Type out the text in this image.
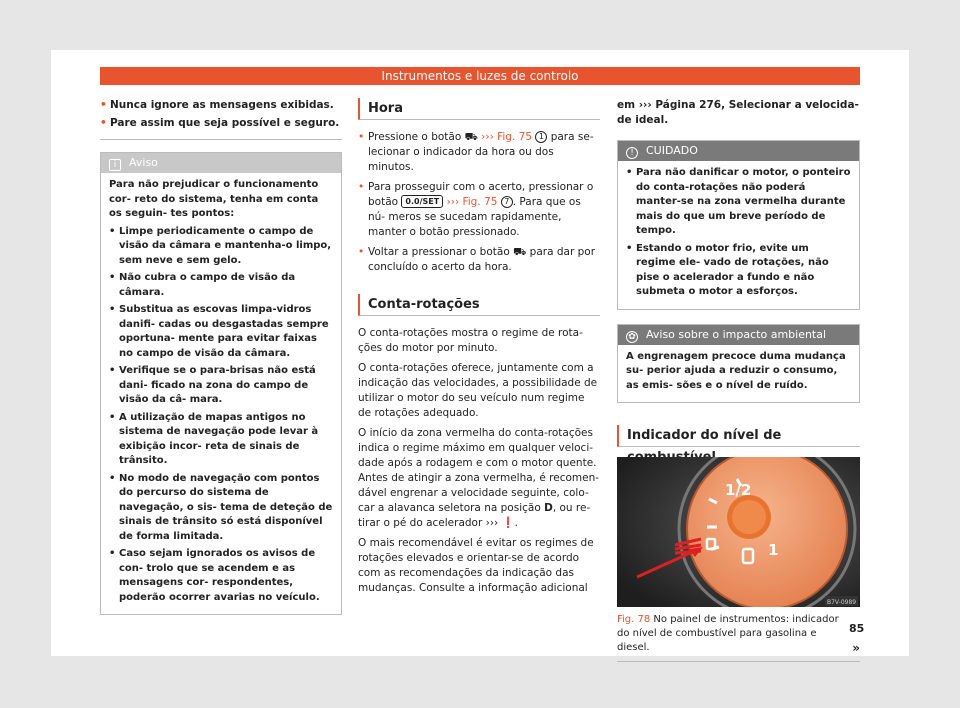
Instrumentos e luzes de controlo
• Nunca ignore as mensagens exibidas.
• Pare assim que seja possível e seguro.
i Aviso

Para não prejudicar o funcionamento cor- reto do sistema, tenha em conta os seguin- tes pontos:

• Limpe periodicamente o campo de visão da câmara e mantenha-o limpo, sem neve e sem gelo.
• Não cubra o campo de visão da câmara.
• Substitua as escovas limpa-vidros danifi- cadas ou desgastadas sempre oportuna- mente para evitar faixas no campo de visão da câmara.
• Verifique se o para-brisas não está dani- ficado na zona do campo de visão da câ- mara.
• A utilização de mapas antigos no sistema de navegação pode levar à exibição incor- reta de sinais de trânsito.
• No modo de navegação com pontos do percurso do sistema de navegação, o sis- tema de deteção de sinais de trânsito só está disponível de forma limitada.
• Caso sejam ignorados os avisos de con- trolo que se acendem e as mensagens cor- respondentes, poderão ocorrer avarias no veículo.
Hora
• Pressione o botão ⛟ ››› Fig. 75 1 para se- lecionar o indicador da hora ou dos minutos.
• Para prosseguir com o acerto, pressionar o botão 0.0/SET ››› Fig. 75 7 . Para que os nú- meros se sucedam rapidamente, manter o botão pressionado.
• Voltar a pressionar o botão ⛟ para dar por concluído o acerto da hora.
Conta-rotações

O conta-rotações mostra o regime de rota- ções do motor por minuto.

O conta-rotações oferece, juntamente com a indicação das velocidades, a possibilidade de utilizar o motor do seu veículo num regime de rotações adequado.

O início da zona vermelha do conta-rotações indica o regime máximo em qualquer veloci- dade após a rodagem e com o motor quente. Antes de atingir a zona vermelha, é recomen- dável engrenar a velocidade seguinte, colo- car a alavanca seletora na posição D, ou re- tirar o pé do acelerador ››› ❗.

O mais recomendável é evitar os regimes de rotações elevados e orientar-se de acordo com as recomendações da indicação das mudanças. Consulte a informação adicional

em ››› Página 276, Selecionar a velocida- de ideal.

! CUIDADO
• Para não danificar o motor, o ponteiro do conta-rotações não poderá manter-se na zona vermelha durante mais do que um breve período de tempo.
• Estando o motor frio, evite um regime ele- vado de rotações, não pise o acelerador a fundo e não submeta o motor a esforços.
✿ Aviso sobre o impacto ambiental

A engrenagem precoce duma mudança su- perior ajuda a reduzir o consumo, as emis- sões e o nível de ruído.

Indicador do nível de
1/2
1
B7V-0989
Fig. 78 No painel de instrumentos: indicador do nível de combustível para gasolina e diesel.	»
85
